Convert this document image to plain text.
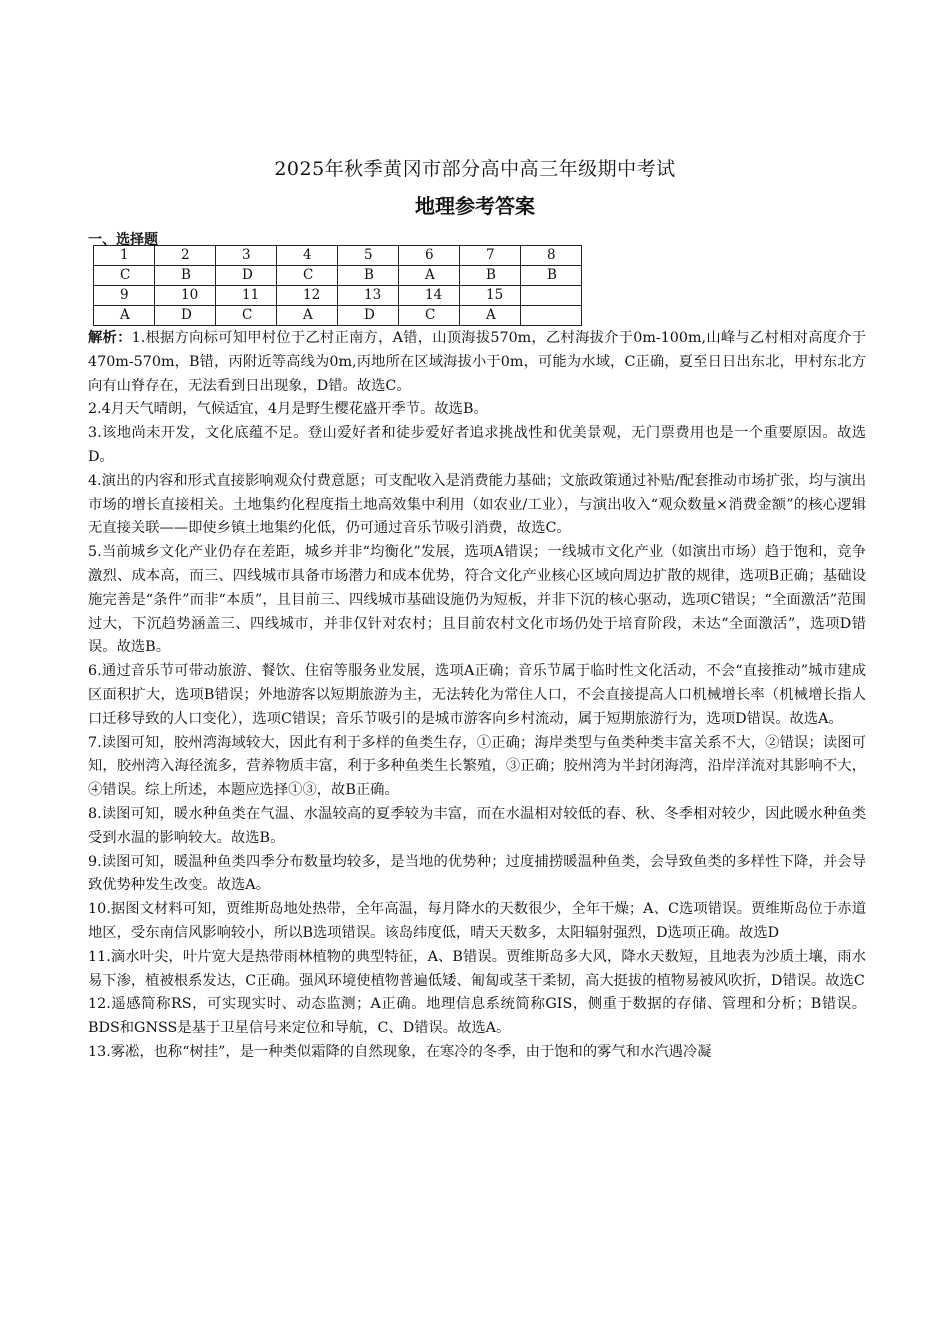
2025年秋季黄冈市部分高中高三年级期中考试
地理参考答案
一、选择题
1	2	3	4	5	6	7	8
C	B	D	C	B	A	B	B
9	10	11	12	13	14	15	
A	D	C	A	D	C	A	

解析：1.根据方向标可知甲村位于乙村正南方，A错，山顶海拔570m，乙村海拔介于0m-100m,山峰与乙村相对高度介于470m-570m，B错，丙附近等高线为0m,丙地所在区域海拔小于0m，可能为水域，C正确，夏至日日出东北，甲村东北方向有山脊存在，无法看到日出现象，D错。故选C。

2.4月天气晴朗，气候适宜，4月是野生樱花盛开季节。故选B。

3.该地尚未开发，文化底蕴不足。登山爱好者和徒步爱好者追求挑战性和优美景观，无门票费用也是一个重要原因。故选D。

4.演出的内容和形式直接影响观众付费意愿；可支配收入是消费能力基础；文旅政策通过补贴/配套推动市场扩张，均与演出市场的增长直接相关。土地集约化程度指土地高效集中利用（如农业/工业），与演出收入“观众数量×消费金额”的核心逻辑无直接关联——即使乡镇土地集约化低，仍可通过音乐节吸引消费，故选C。

5.当前城乡文化产业仍存在差距，城乡并非“均衡化”发展，选项A错误；一线城市文化产业（如演出市场）趋于饱和，竞争激烈、成本高，而三、四线城市具备市场潜力和成本优势，符合文化产业核心区域向周边扩散的规律，选项B正确；基础设施完善是“条件”而非“本质”，且目前三、四线城市基础设施仍为短板，并非下沉的核心驱动，选项C错误；“全面激活”范围过大，下沉趋势涵盖三、四线城市，并非仅针对农村；且目前农村文化市场仍处于培育阶段，未达“全面激活”，选项D错误。故选B。

6.通过音乐节可带动旅游、餐饮、住宿等服务业发展，选项A正确；音乐节属于临时性文化活动，不会“直接推动”城市建成区面积扩大，选项B错误；外地游客以短期旅游为主，无法转化为常住人口，不会直接提高人口机械增长率（机械增长指人口迁移导致的人口变化），选项C错误；音乐节吸引的是城市游客向乡村流动，属于短期旅游行为，选项D错误。故选A。

7.读图可知，胶州湾海域较大，因此有利于多样的鱼类生存，①正确；海岸类型与鱼类种类丰富关系不大，②错误；读图可知，胶州湾入海径流多，营养物质丰富，利于多种鱼类生长繁殖，③正确；胶州湾为半封闭海湾，沿岸洋流对其影响不大，④错误。综上所述，本题应选择①③，故B正确。

8.读图可知，暖水种鱼类在气温、水温较高的夏季较为丰富，而在水温相对较低的春、秋、冬季相对较少，因此暖水种鱼类受到水温的影响较大。故选B。

9.读图可知，暖温种鱼类四季分布数量均较多，是当地的优势种；过度捕捞暖温种鱼类，会导致鱼类的多样性下降，并会导致优势种发生改变。故选A。

10.据图文材料可知，贾维斯岛地处热带，全年高温，每月降水的天数很少，全年干燥；A、C选项错误。贾维斯岛位于赤道地区，受东南信风影响较小，所以B选项错误。该岛纬度低，晴天天数多，太阳辐射强烈，D选项正确。故选D

11.滴水叶尖，叶片宽大是热带雨林植物的典型特征，A、B错误。贾维斯岛多大风，降水天数短，且地表为沙质土壤，雨水易下渗，植被根系发达，C正确。强风环境使植物普遍低矮、匍匐或茎干柔韧，高大挺拔的植物易被风吹折，D错误。故选C

12.遥感简称RS，可实现实时、动态监测；A正确。地理信息系统简称GIS，侧重于数据的存储、管理和分析；B错误。BDS和GNSS是基于卫星信号来定位和导航，C、D错误。故选A。

13.雾凇，也称“树挂”，是一种类似霜降的自然现象，在寒冷的冬季，由于饱和的雾气和水汽遇冷凝
